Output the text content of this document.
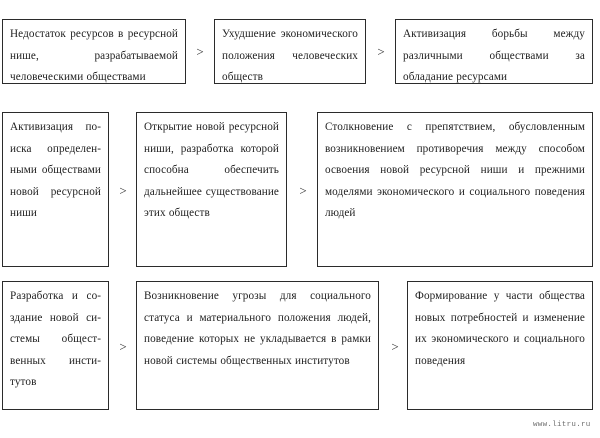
Недостаток ресурсов в ресурсной нише, разрабатываемой человеческими обществами
>
Ухудшение экономического положения человеческих обществ
>
Активизация борьбы между различными обществами за обладание ресурсами
Активизация поиска определенными обществами новой ресурсной ниши
>
Открытие новой ресурсной ниши, разработка которой способна обеспечить дальнейшее существование этих обществ
>
Столкновение с препятствием, обусловленным возникновением противоречия между способом освоения новой ресурсной ниши и прежними моделями экономического и социального поведения людей
Разработка и создание новой системы общественных институтов
>
Возникновение угрозы для социального статуса и материального положения людей, поведение которых не укладывается в рамки новой системы общественных институтов
>
Формирование у части общества новых потребностей и изменение их экономического и социального поведения
www.litru.ru
